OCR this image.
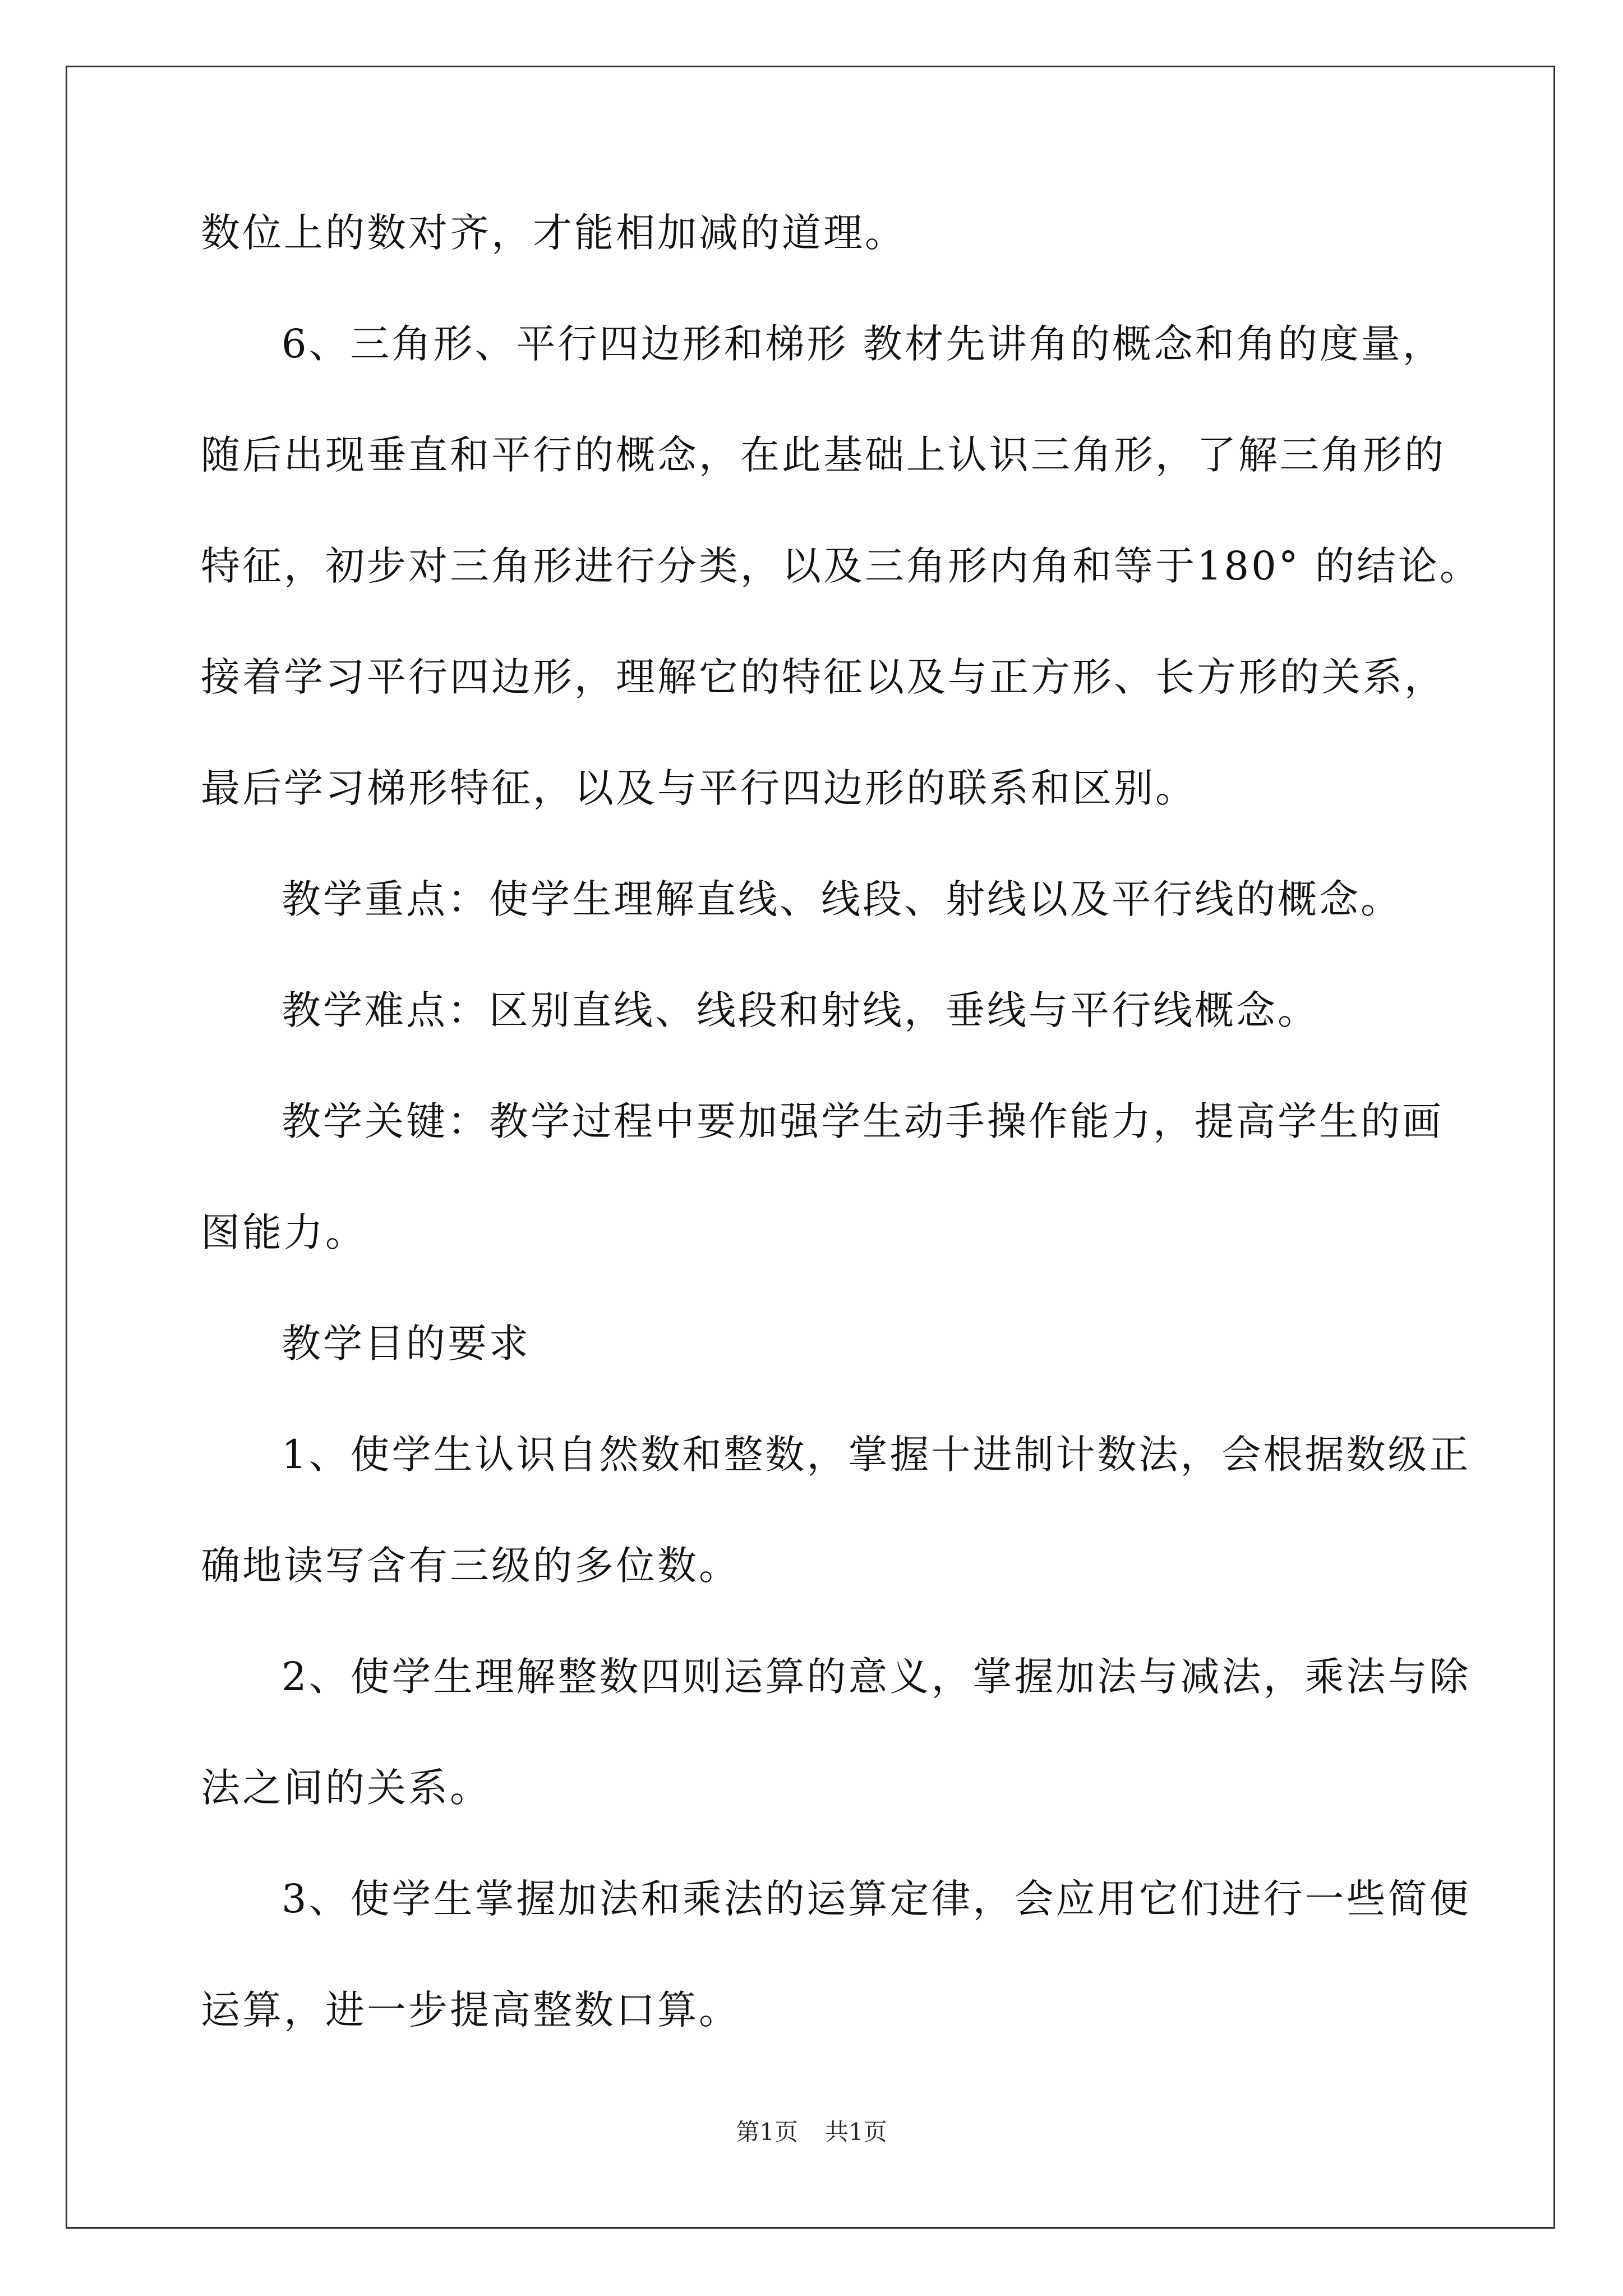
数位上的数对齐，才能相加减的道理。
6、三角形、平行四边形和梯形 教材先讲角的概念和角的度量，
随后出现垂直和平行的概念，在此基础上认识三角形，了解三角形的
特征，初步对三角形进行分类，以及三角形内角和等于180° 的结论。
接着学习平行四边形，理解它的特征以及与正方形、长方形的关系，
最后学习梯形特征，以及与平行四边形的联系和区别。
教学重点：使学生理解直线、线段、射线以及平行线的概念。
教学难点：区别直线、线段和射线，垂线与平行线概念。
教学关键：教学过程中要加强学生动手操作能力，提高学生的画
图能力。
教学目的要求
1、使学生认识自然数和整数，掌握十进制计数法，会根据数级正
确地读写含有三级的多位数。
2、使学生理解整数四则运算的意义，掌握加法与减法，乘法与除
法之间的关系。
3、使学生掌握加法和乘法的运算定律，会应用它们进行一些简便
运算，进一步提高整数口算。
第1页 共1页
